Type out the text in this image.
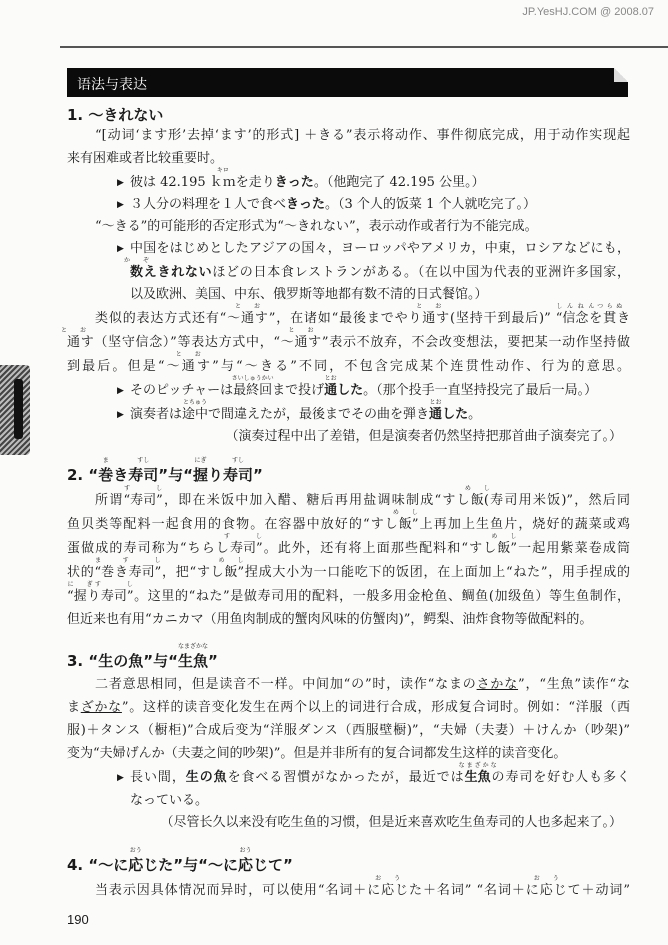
JP.YesHJ.COM @ 2008.07
语法与表达
1. ～きれない
“[动词‘ます形’去掉‘ます’的形式] ＋きる”表示将动作、事件彻底完成，用于动作实现起
来有困难或者比较重要时。
▶ 彼は 42.195 ｋｍ
キロ
を走りきった。（他跑完了 42.195 公里。）
▶ ３人分の料理を１人で食べきった。（3 个人的饭菜 1 个人就吃完了。）
“～きる”的可能形的否定形式为“～きれない”，表示动作或者行为不能完成。
▶ 中国をはじめとしたアジアの国々，ヨーロッパやアメリカ，中東，ロシアなどにも，
数
かぞ
えきれないほどの日本食レストランがある。（在以中国为代表的亚洲许多国家，
以及欧洲、美国、中东、俄罗斯等地都有数不清的日式餐馆。）
类似的表达方式还有“～通
とお
す”，在诸如“最後までやり通
とお
す(坚持干到最后)” “信念
しんねん
を貫
つらぬ
き
通
とお
す（坚守信念）”等表达方式中，“～通
とお
す”表示不放弃，不会改变想法，要把某一动作坚持做
到最后。但是“～通
とお
す”与“～きる”不同，不包含完成某个连贯性动作、行为的意思。
▶ そのピッチャーは最終回
さいしゅうかい
まで投げ通
とお
した。（那个投手一直坚持投完了最后一局。）
▶ 演奏者は途中
とちゅう
で間違えたが，最後までその曲を弾き通
とお
した。
（演奏过程中出了差错，但是演奏者仍然坚持把那首曲子演奏完了。）
2. “巻
ま
き寿司
すし
”与“握
にぎ
り寿司
すし
”
所谓“寿司
すし
”，即在米饭中加入醋、糖后再用盐调味制成“すし飯
めし
(寿司用米饭)”，然后同
鱼贝类等配料一起食用的食物。在容器中放好的“すし飯
めし
”上再加上生鱼片，烧好的蔬菜或鸡
蛋做成的寿司称为“ちらし寿司
すし
”。此外，还有将上面那些配料和“すし飯
めし
”一起用紫菜卷成筒
状的“巻
ま
き寿司
すし
”，把“すし飯
めし
”捏成大小为一口能吃下的饭团，在上面加上“ねた”，用手捏成的
“握
にぎ
り寿司
すし
”。这里的“ねた”是做寿司用的配料，一般多用金枪鱼、鲷鱼(加级鱼）等生鱼制作，
但近来也有用“カニカマ（用鱼肉制成的蟹肉风味的仿蟹肉)”，鳄梨、油炸食物等做配料的。
3. “生の魚”与“生魚
なまざかな
”
二者意思相同，但是读音不一样。中间加“の”时，读作“なまのさかな”，“生魚”读作“な
まざかな”。这样的读音变化发生在两个以上的词进行合成，形成复合词时。例如：“洋服（西
服)＋タンス（橱柜)”合成后变为“洋服ダンス（西服壁橱)”，“夫婦（夫妻）＋けんか（吵架)”
变为“夫婦げんか（夫妻之间的吵架)”。但是并非所有的复合词都发生这样的读音变化。
▶ 長い間，生の魚を食べる習慣がなかったが，最近では生魚
なまざかな
の寿司を好む人も多く
なっている。
（尽管长久以来没有吃生鱼的习惯，但是近来喜欢吃生鱼寿司的人也多起来了。）
4. “～に応
おう
じた”与“～に応
おう
じて”
当表示因具体情况而异时，可以使用“名词＋に応
おう
じた＋名词” “名词＋に応
おう
じて＋动词”
190
